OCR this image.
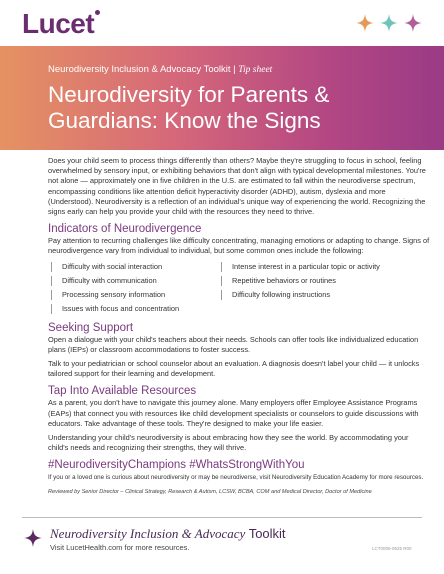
Lucet
Neurodiversity Inclusion & Advocacy Toolkit | Tip sheet
Neurodiversity for Parents & Guardians: Know the Signs

Does your child seem to process things differently than others? Maybe they're struggling to focus in school, feeling overwhelmed by sensory input, or exhibiting behaviors that don't align with typical developmental milestones. You're not alone — approximately one in five children in the U.S. are estimated to fall within the neurodiverse spectrum, encompassing conditions like attention deficit hyperactivity disorder (ADHD), autism, dyslexia and more (Understood). Neurodiversity is a reflection of an individual's unique way of experiencing the world. Recognizing the signs early can help you provide your child with the resources they need to thrive.

Indicators of Neurodivergence

Pay attention to recurring challenges like difficulty concentrating, managing emotions or adapting to change. Signs of neurodivergence vary from individual to individual, but some common ones include the following:

Difficulty with social interaction	Intense interest in a particular topic or activity
Difficulty with communication	Repetitive behaviors or routines
Processing sensory information	Difficulty following instructions
Issues with focus and concentration
Seeking Support

Open a dialogue with your child's teachers about their needs. Schools can offer tools like individualized education plans (IEPs) or classroom accommodations to foster success.

Talk to your pediatrician or school counselor about an evaluation. A diagnosis doesn't label your child — it unlocks tailored support for their learning and development.

Tap Into Available Resources

As a parent, you don't have to navigate this journey alone. Many employers offer Employee Assistance Programs (EAPs) that connect you with resources like child development specialists or counselors to guide discussions with educators. Take advantage of these tools. They're designed to make your life easier.

Understanding your child's neurodiversity is about embracing how they see the world. By accommodating your child's needs and recognizing their strengths, they will thrive.

#NeurodiversityChampions #WhatsStrongWithYou

If you or a loved one is curious about neurodiversity or may be neurodiverse, visit Neurodiversity Education Academy for more resources.

Reviewed by Senior Director – Clinical Strategy, Research & Autism, LCSW, BCBA, COM and Medical Director, Doctor of Medicine

Neurodiversity Inclusion & Advocacy Toolkit
Visit LucetHealth.com for more resources.	LCT0005-0525 R00
